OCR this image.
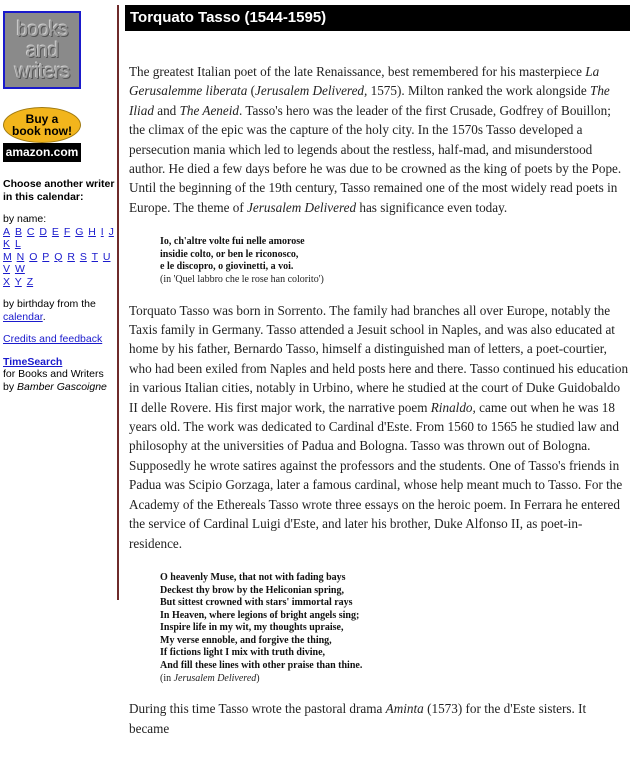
books
and
writers
Buy a
book now!
amazon.com
Choose another writer in this calendar:
by name:
A B C D E F G H I J K L
M N O P Q R S T U V W
X Y Z
by birthday from the
calendar.
Credits and feedback
TimeSearch
for Books and Writers
by Bamber Gascoigne
Torquato Tasso (1544-1595)

The greatest Italian poet of the late Renaissance, best remembered for his masterpiece La Gerusalemme liberata (Jerusalem Delivered, 1575). Milton ranked the work alongside The Iliad and The Aeneid. Tasso's hero was the leader of the first Crusade, Godfrey of Bouillon; the climax of the epic was the capture of the holy city. In the 1570s Tasso developed a persecution mania which led to legends about the restless, half-mad, and misunderstood author. He died a few days before he was due to be crowned as the king of poets by the Pope. Until the beginning of the 19th century, Tasso remained one of the most widely read poets in Europe. The theme of Jerusalem Delivered has significance even today.

Io, ch'altre volte fui nelle amorose
insidie colto, or ben le riconosco,
e le discopro, o giovinetti, a voi.
(in 'Quel labbro che le rose han colorito')

Torquato Tasso was born in Sorrento. The family had branches all over Europe, notably the Taxis family in Germany. Tasso attended a Jesuit school in Naples, and was also educated at home by his father, Bernardo Tasso, himself a distinguished man of letters, a poet-courtier, who had been exiled from Naples and held posts here and there. Tasso continued his education in various Italian cities, notably in Urbino, where he studied at the court of Duke Guidobaldo II delle Rovere. His first major work, the narrative poem Rinaldo, came out when he was 18 years old. The work was dedicated to Cardinal d'Este. From 1560 to 1565 he studied law and philosophy at the universities of Padua and Bologna. Tasso was thrown out of Bologna. Supposedly he wrote satires against the professors and the students. One of Tasso's friends in Padua was Scipio Gorzaga, later a famous cardinal, whose help meant much to Tasso. For the Academy of the Ethereals Tasso wrote three essays on the heroic poem. In Ferrara he entered the service of Cardinal Luigi d'Este, and later his brother, Duke Alfonso II, as poet-in-residence.

O heavenly Muse, that not with fading bays
Deckest thy brow by the Heliconian spring,
But sittest crowned with stars' immortal rays
In Heaven, where legions of bright angels sing;
Inspire life in my wit, my thoughts upraise,
My verse ennoble, and forgive the thing,
If fictions light I mix with truth divine,
And fill these lines with other praise than thine.
(in Jerusalem Delivered)

During this time Tasso wrote the pastoral drama Aminta (1573) for the d'Este sisters. It became
